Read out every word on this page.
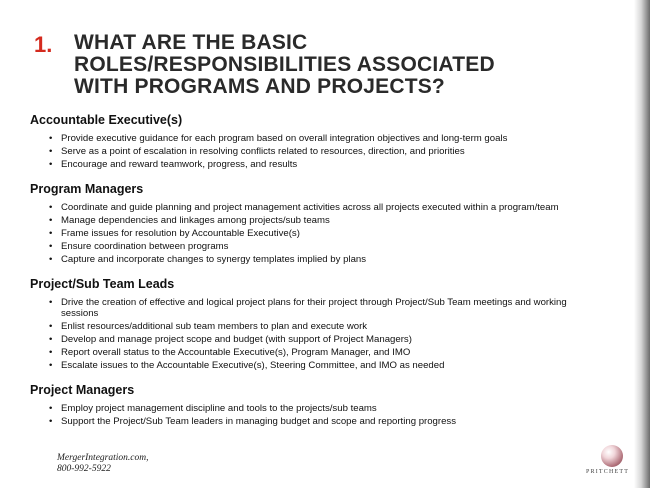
1. WHAT ARE THE BASIC
ROLES/RESPONSIBILITIES ASSOCIATED
WITH PROGRAMS AND PROJECTS?
Accountable Executive(s)
• Provide executive guidance for each program based on overall integration objectives and long-term goals
• Serve as a point of escalation in resolving conflicts related to resources, direction, and priorities
• Encourage and reward teamwork, progress, and results
Program Managers
• Coordinate and guide planning and project management activities across all projects executed within a program/team
• Manage dependencies and linkages among projects/sub teams
• Frame issues for resolution by Accountable Executive(s)
• Ensure coordination between programs
• Capture and incorporate changes to synergy templates implied by plans
Project/Sub Team Leads
• Drive the creation of effective and logical project plans for their project through Project/Sub Team meetings and working sessions
• Enlist resources/additional sub team members to plan and execute work
• Develop and manage project scope and budget (with support of Project Managers)
• Report overall status to the Accountable Executive(s), Program Manager, and IMO
• Escalate issues to the Accountable Executive(s), Steering Committee, and IMO as needed
Project Managers
• Employ project management discipline and tools to the projects/sub teams
• Support the Project/Sub Team leaders in managing budget and scope and reporting progress
MergerIntegration.com,
800-992-5922	PRITCHETT
